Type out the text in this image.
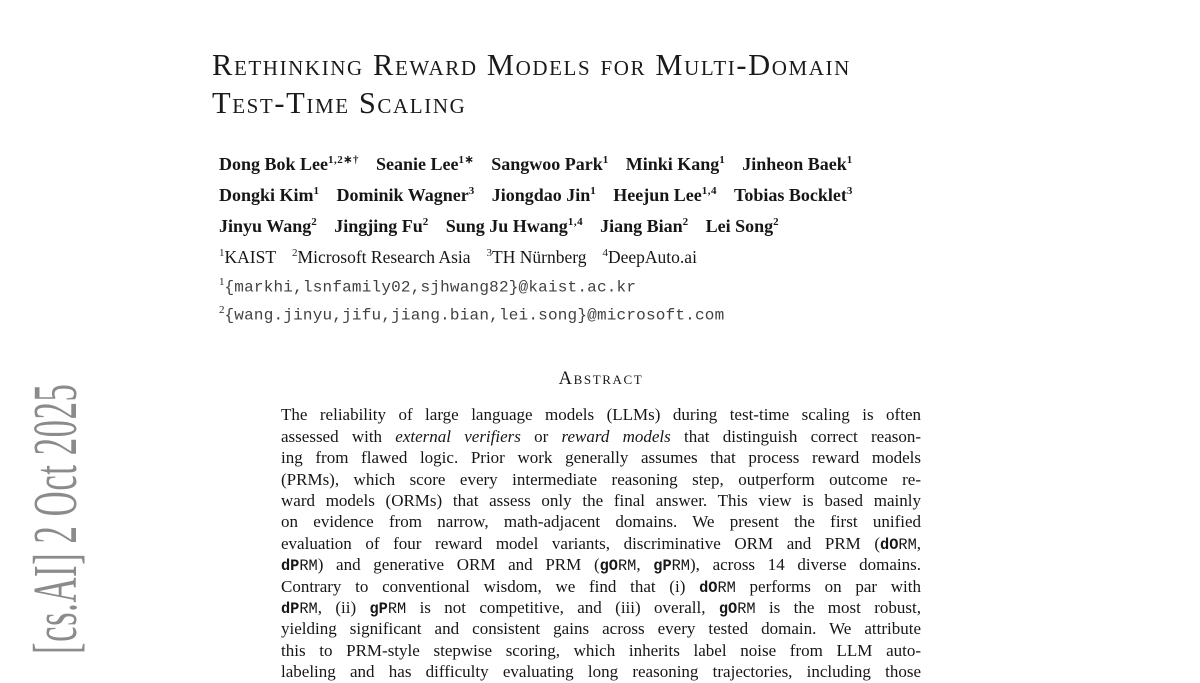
[cs.AI] 2 Oct 2025
Rethinking Reward Models for Multi-Domain
Test-Time Scaling
Dong Bok Lee$^{1,2∗\dagger}$ Seanie Lee$^{1∗}$ Sangwoo Park$^1$ Minki Kang$^1$ Jinheon Baek$^1$
Dongki Kim$^1$ Dominik Wagner$^3$ Jiongdao Jin$^1$ Heejun Lee$^{1,4}$ Tobias Bocklet$^3$
Jinyu Wang$^2$ Jingjing Fu$^2$ Sung Ju Hwang$^{1,4}$ Jiang Bian$^2$ Lei Song$^2$
$^1$KAIST $^2$Microsoft Research Asia $^3$TH Nürnberg $^4$DeepAuto.ai
$^1${markhi,lsnfamily02,sjhwang82}@kaist.ac.kr
$^2${wang.jinyu,jifu,jiang.bian,lei.song}@microsoft.com
Abstract
The reliability of large language models (LLMs) during test-time scaling is often
assessed with external verifiers or reward models that distinguish correct reason-
ing from flawed logic. Prior work generally assumes that process reward models
(PRMs), which score every intermediate reasoning step, outperform outcome re-
ward models (ORMs) that assess only the final answer. This view is based mainly
on evidence from narrow, math-adjacent domains. We present the first unified
evaluation of four reward model variants, discriminative ORM and PRM (dORM,
dPRM) and generative ORM and PRM (gORM, gPRM), across 14 diverse domains.
Contrary to conventional wisdom, we find that (i) dORM performs on par with
dPRM, (ii) gPRM is not competitive, and (iii) overall, gORM is the most robust,
yielding significant and consistent gains across every tested domain. We attribute
this to PRM-style stepwise scoring, which inherits label noise from LLM auto-
labeling and has difficulty evaluating long reasoning trajectories, including those
